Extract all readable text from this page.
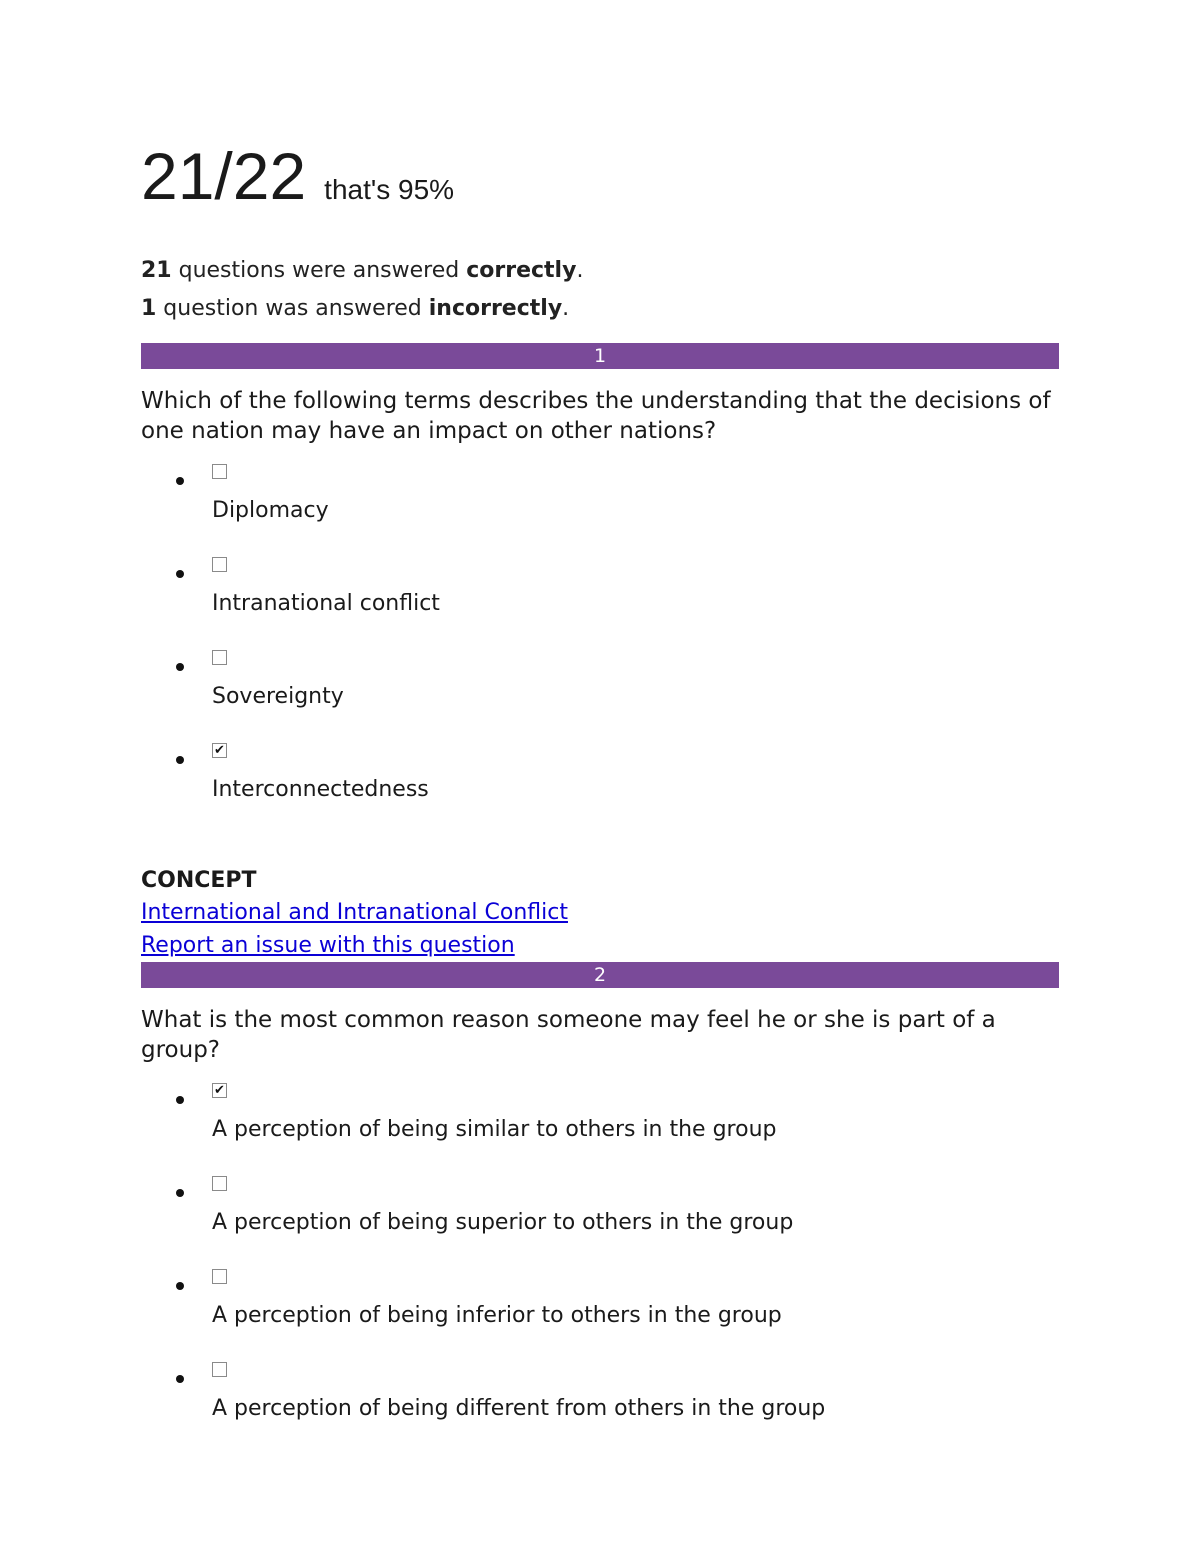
21/22 that's 95%
21 questions were answered correctly.
1 question was answered incorrectly.
1
Which of the following terms describes the understanding that the decisions of one nation may have an impact on other nations?
Diplomacy
Intranational conflict
Sovereignty
✔
Interconnectedness
CONCEPT
International and Intranational Conflict
Report an issue with this question
2
What is the most common reason someone may feel he or she is part of a group?
✔
A perception of being similar to others in the group
A perception of being superior to others in the group
A perception of being inferior to others in the group
A perception of being different from others in the group
